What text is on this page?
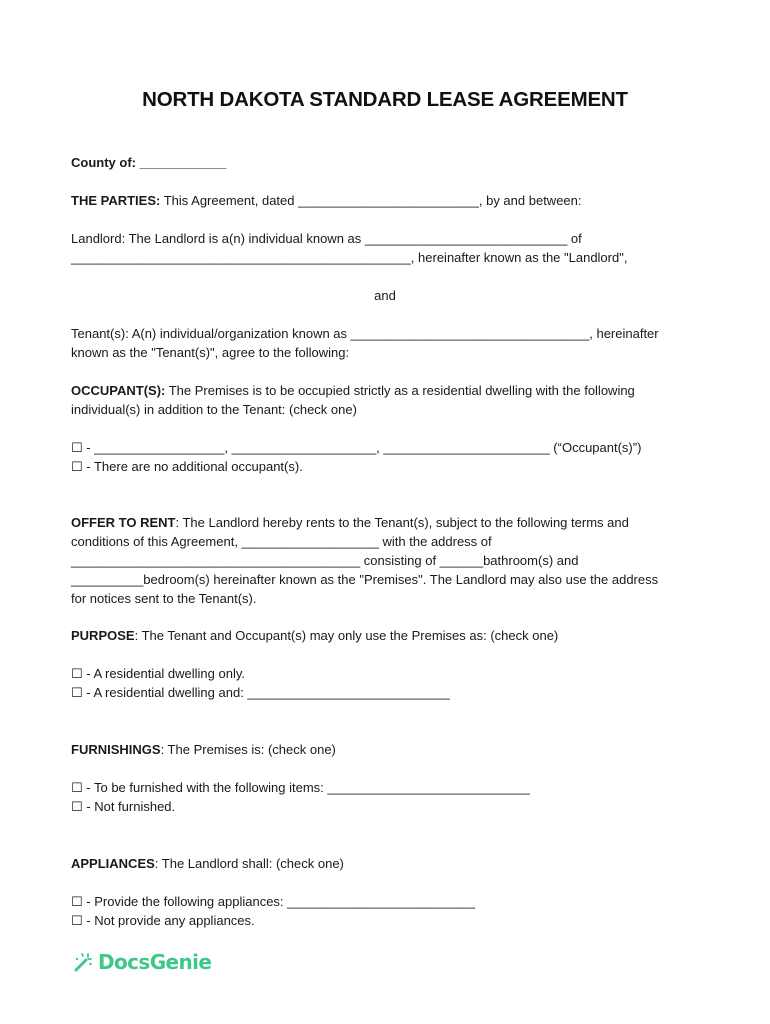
NORTH DAKOTA STANDARD LEASE AGREEMENT
County of: ____________
THE PARTIES: This Agreement, dated _________________________, by and between:
Landlord: The Landlord is a(n) individual known as ____________________________ of
_______________________________________________, hereinafter known as the "Landlord",
and
Tenant(s): A(n) individual/organization known as _________________________________, hereinafter
known as the "Tenant(s)", agree to the following:
OCCUPANT(S): The Premises is to be occupied strictly as a residential dwelling with the following
individual(s) in addition to the Tenant: (check one)
☐ - __________________, ____________________, _______________________ (“Occupant(s)”)
☐ - There are no additional occupant(s).
OFFER TO RENT: The Landlord hereby rents to the Tenant(s), subject to the following terms and
conditions of this Agreement, ___________________ with the address of
________________________________________ consisting of ______bathroom(s) and
__________bedroom(s) hereinafter known as the "Premises". The Landlord may also use the address
for notices sent to the Tenant(s).
PURPOSE: The Tenant and Occupant(s) may only use the Premises as: (check one)
☐ - A residential dwelling only.
☐ - A residential dwelling and: ____________________________
FURNISHINGS: The Premises is: (check one)
☐ - To be furnished with the following items: ____________________________
☐ - Not furnished.
APPLIANCES: The Landlord shall: (check one)
☐ - Provide the following appliances: __________________________
☐ - Not provide any appliances.
DocsGenie
